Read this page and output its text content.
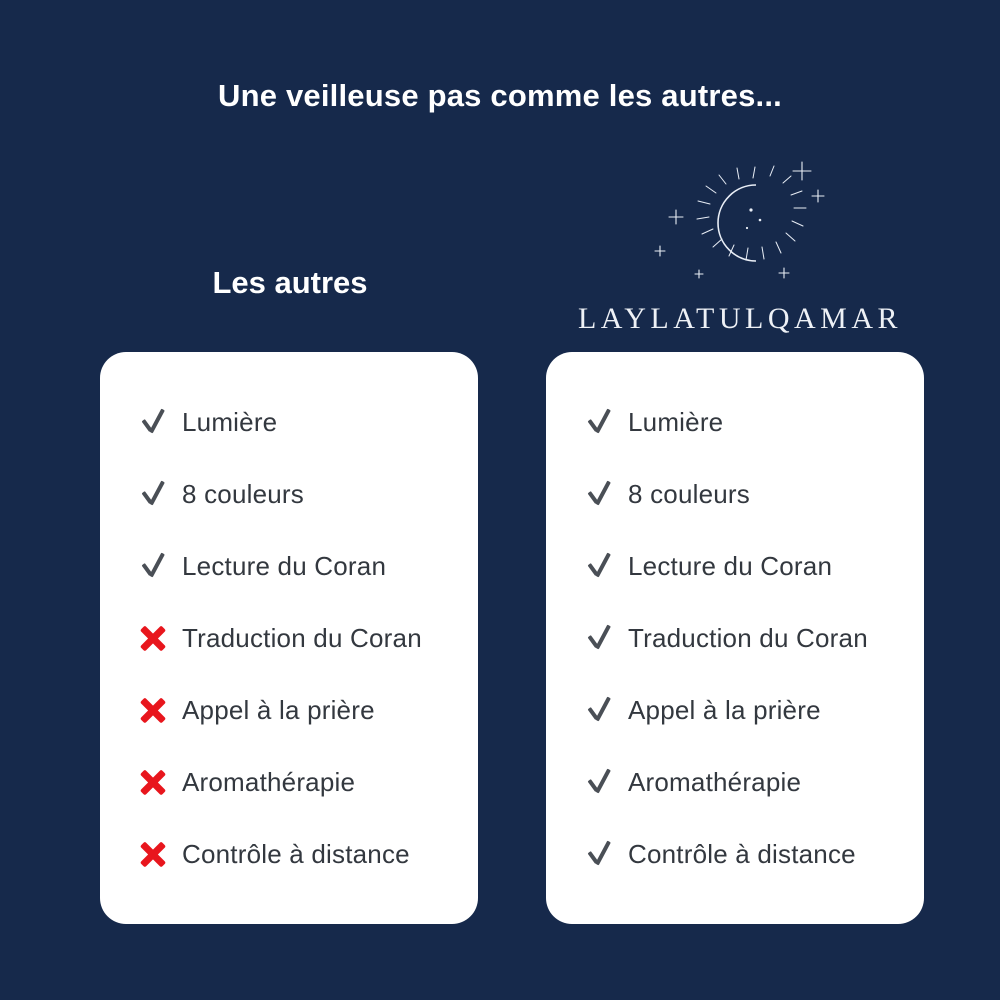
Une veilleuse pas comme les autres...
Les autres
LAYLATULQAMAR
Lumière
8 couleurs
Lecture du Coran
Traduction du Coran
Appel à la prière
Aromathérapie
Contrôle à distance
Lumière
8 couleurs
Lecture du Coran
Traduction du Coran
Appel à la prière
Aromathérapie
Contrôle à distance
